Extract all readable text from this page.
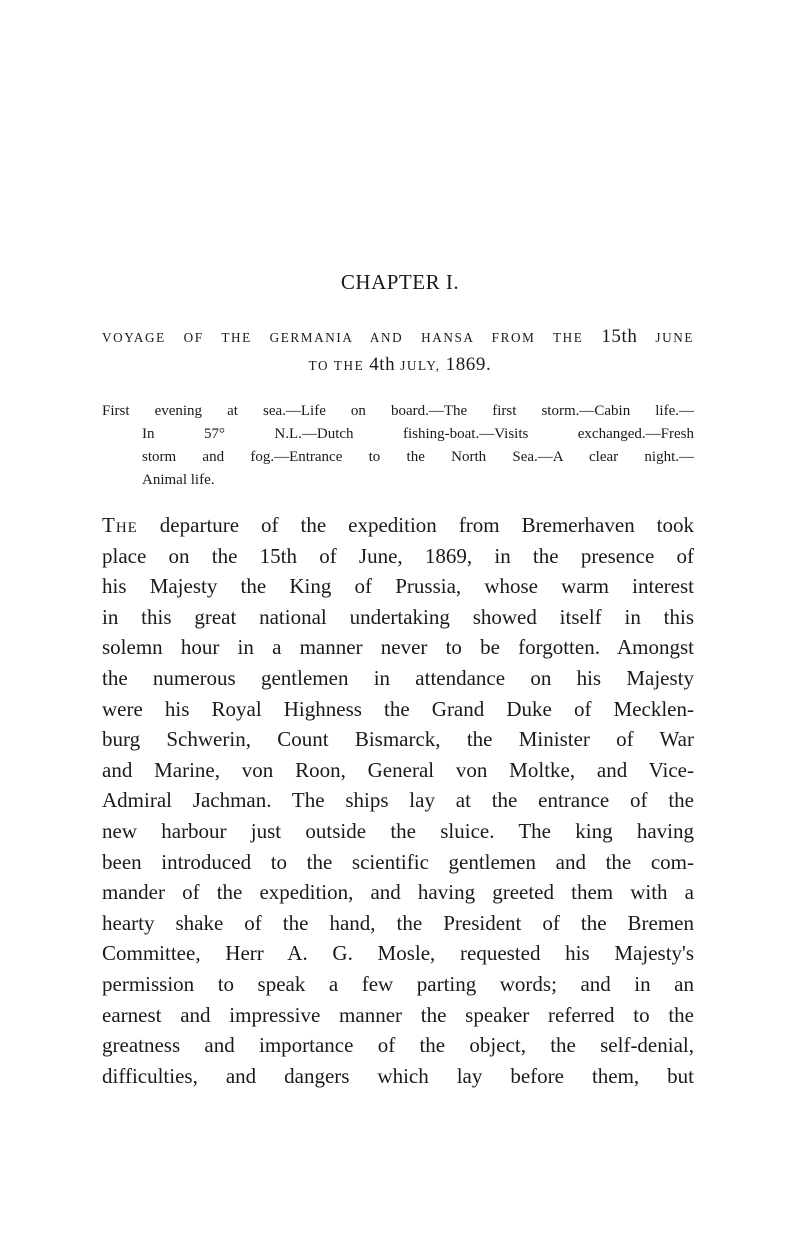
CHAPTER I.
VOYAGE OF THE GERMANIA AND HANSA FROM THE 15th JUNE
TO THE 4th JULY, 1869.
First evening at sea.—Life on board.—The first storm.—Cabin life.—
In 57° N.L.—Dutch fishing-boat.—Visits exchanged.—Fresh
storm and fog.—Entrance to the North Sea.—A clear night.—
Animal life.
The departure of the expedition from Bremerhaven took
place on the 15th of June, 1869, in the presence of
his Majesty the King of Prussia, whose warm interest
in this great national undertaking showed itself in this
solemn hour in a manner never to be forgotten. Amongst
the numerous gentlemen in attendance on his Majesty
were his Royal Highness the Grand Duke of Mecklen-
burg Schwerin, Count Bismarck, the Minister of War
and Marine, von Roon, General von Moltke, and Vice-
Admiral Jachman. The ships lay at the entrance of the
new harbour just outside the sluice. The king having
been introduced to the scientific gentlemen and the com-
mander of the expedition, and having greeted them with a
hearty shake of the hand, the President of the Bremen
Committee, Herr A. G. Mosle, requested his Majesty's
permission to speak a few parting words; and in an
earnest and impressive manner the speaker referred to the
greatness and importance of the object, the self-denial,
difficulties, and dangers which lay before them, but
